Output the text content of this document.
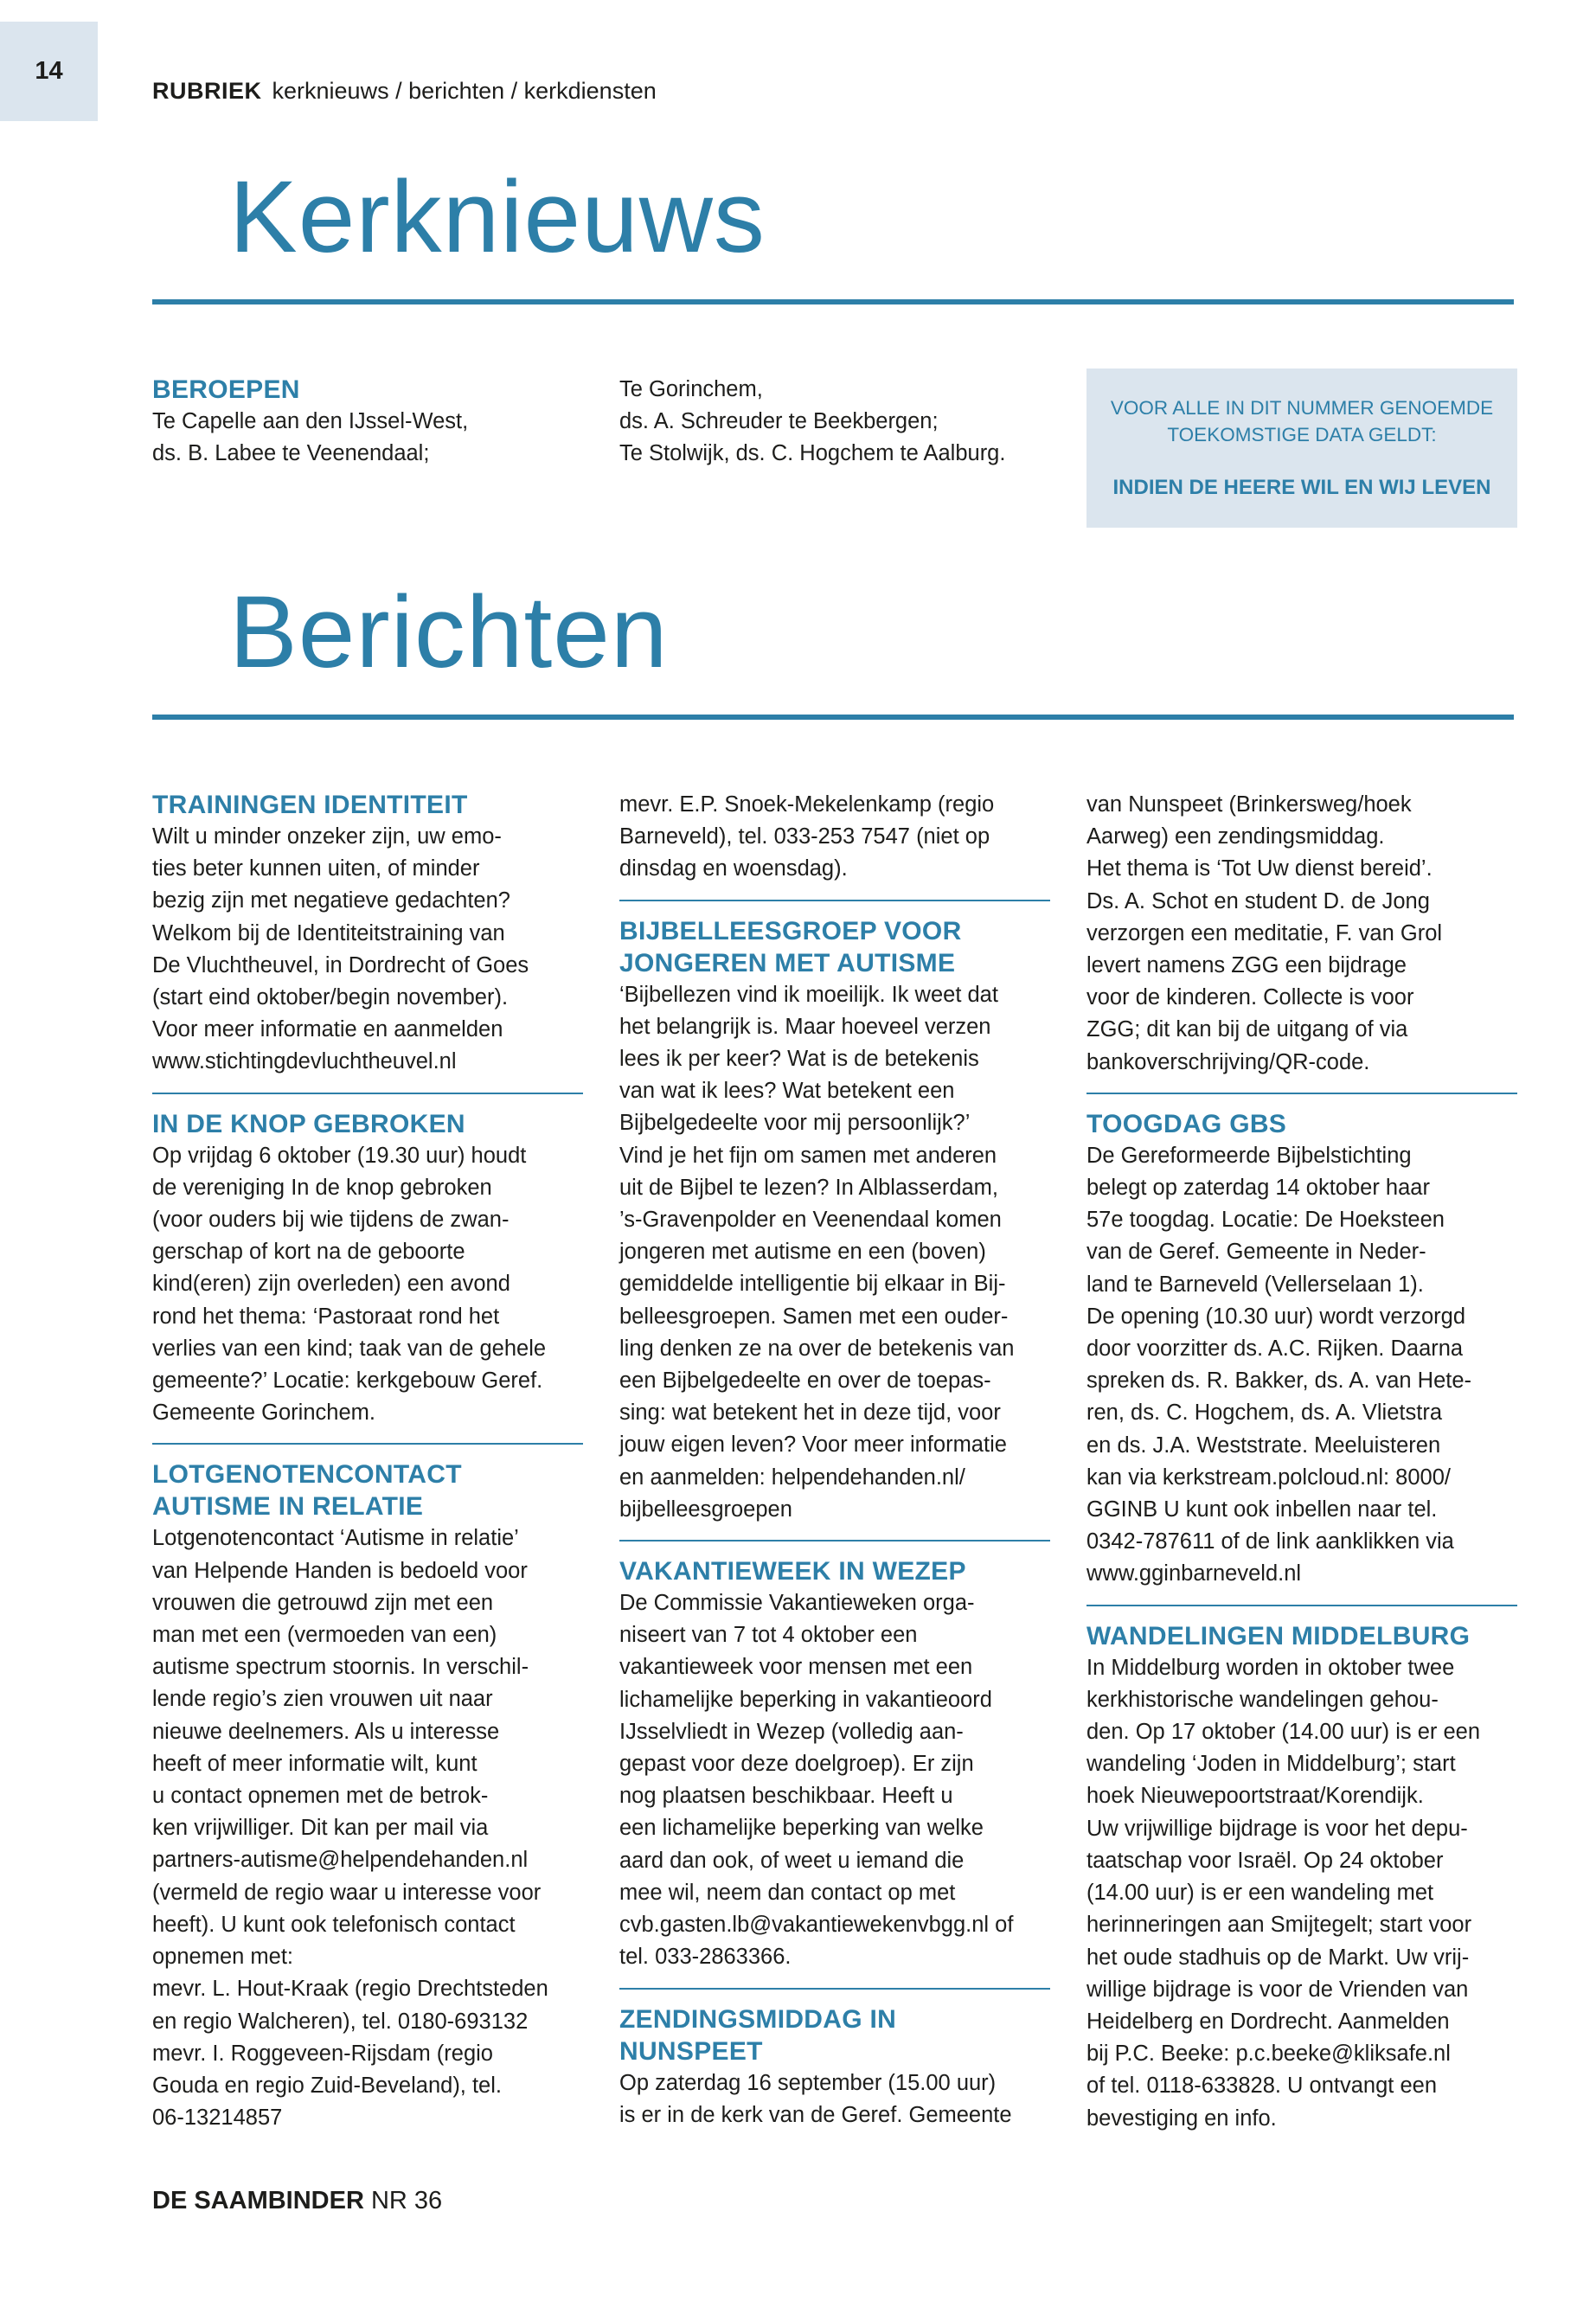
14
RUBRIEK kerknieuws / berichten / kerkdiensten
Kerknieuws
BEROEPEN

Te Capelle aan den IJssel-West,
ds. B. Labee te Veenendaal;

Te Gorinchem,
ds. A. Schreuder te Beekbergen;
Te Stolwijk, ds. C. Hogchem te Aalburg.

VOOR ALLE IN DIT NUMMER GENOEMDE
TOEKOMSTIGE DATA GELDT:
INDIEN DE HEERE WIL EN WIJ LEVEN
Berichten
TRAININGEN IDENTITEIT

Wilt u minder onzeker zijn, uw emo-
ties beter kunnen uiten, of minder
bezig zijn met negatieve gedachten?
Welkom bij de Identiteitstraining van
De Vluchtheuvel, in Dordrecht of Goes
(start eind oktober/begin november).
Voor meer informatie en aanmelden
www.stichtingdevluchtheuvel.nl

IN DE KNOP GEBROKEN

Op vrijdag 6 oktober (19.30 uur) houdt
de vereniging In de knop gebroken
(voor ouders bij wie tijdens de zwan-
gerschap of kort na de geboorte
kind(eren) zijn overleden) een avond
rond het thema: ‘Pastoraat rond het
verlies van een kind; taak van de gehele
gemeente?’ Locatie: kerkgebouw Geref.
Gemeente Gorinchem.

LOTGENOTENCONTACT
AUTISME IN RELATIE

Lotgenotencontact ‘Autisme in relatie’
van Helpende Handen is bedoeld voor
vrouwen die getrouwd zijn met een
man met een (vermoeden van een)
autisme spectrum stoornis. In verschil-
lende regio’s zien vrouwen uit naar
nieuwe deelnemers. Als u interesse
heeft of meer informatie wilt, kunt
u contact opnemen met de betrok-
ken vrijwilliger. Dit kan per mail via
partners-autisme@helpendehanden.nl
(vermeld de regio waar u interesse voor
heeft). U kunt ook telefonisch contact
opnemen met:
mevr. L. Hout-Kraak (regio Drechtsteden
en regio Walcheren), tel. 0180-693132
mevr. I. Roggeveen-Rijsdam (regio
Gouda en regio Zuid-Beveland), tel.
06-13214857

mevr. E.P. Snoek-Mekelenkamp (regio
Barneveld), tel. 033-253 7547 (niet op
dinsdag en woensdag).

BIJBELLEESGROEP VOOR
JONGEREN MET AUTISME

‘Bijbellezen vind ik moeilijk. Ik weet dat
het belangrijk is. Maar hoeveel verzen
lees ik per keer? Wat is de betekenis
van wat ik lees? Wat betekent een
Bijbelgedeelte voor mij persoonlijk?’
Vind je het fijn om samen met anderen
uit de Bijbel te lezen? In Alblasserdam,
’s-Gravenpolder en Veenendaal komen
jongeren met autisme en een (boven)
gemiddelde intelligentie bij elkaar in Bij-
belleesgroepen. Samen met een ouder-
ling denken ze na over de betekenis van
een Bijbelgedeelte en over de toepas-
sing: wat betekent het in deze tijd, voor
jouw eigen leven? Voor meer informatie
en aanmelden: helpendehanden.nl/
bijbelleesgroepen

VAKANTIEWEEK IN WEZEP

De Commissie Vakantieweken orga-
niseert van 7 tot 4 oktober een
vakantieweek voor mensen met een
lichamelijke beperking in vakantieoord
IJsselvliedt in Wezep (volledig aan-
gepast voor deze doelgroep). Er zijn
nog plaatsen beschikbaar. Heeft u
een lichamelijke beperking van welke
aard dan ook, of weet u iemand die
mee wil, neem dan contact op met
cvb.gasten.lb@vakantiewekenvbgg.nl of
tel. 033-2863366.

ZENDINGSMIDDAG IN
NUNSPEET

Op zaterdag 16 september (15.00 uur)
is er in de kerk van de Geref. Gemeente

van Nunspeet (Brinkersweg/hoek
Aarweg) een zendingsmiddag.
Het thema is ‘Tot Uw dienst bereid’.
Ds. A. Schot en student D. de Jong
verzorgen een meditatie, F. van Grol
levert namens ZGG een bijdrage
voor de kinderen. Collecte is voor
ZGG; dit kan bij de uitgang of via
bankoverschrijving/QR-code.

TOOGDAG GBS

De Gereformeerde Bijbelstichting
belegt op zaterdag 14 oktober haar
57e toogdag. Locatie: De Hoeksteen
van de Geref. Gemeente in Neder-
land te Barneveld (Vellerselaan 1).
De opening (10.30 uur) wordt verzorgd
door voorzitter ds. A.C. Rijken. Daarna
spreken ds. R. Bakker, ds. A. van Hete-
ren, ds. C. Hogchem, ds. A. Vlietstra
en ds. J.A. Weststrate. Meeluisteren
kan via kerkstream.polcloud.nl: 8000/
GGINB U kunt ook inbellen naar tel.
0342-787611 of de link aanklikken via
www.gginbarneveld.nl

WANDELINGEN MIDDELBURG

In Middelburg worden in oktober twee
kerkhistorische wandelingen gehou-
den. Op 17 oktober (14.00 uur) is er een
wandeling ‘Joden in Middelburg’; start
hoek Nieuwepoortstraat/Korendijk.
Uw vrijwillige bijdrage is voor het depu-
taatschap voor Israël. Op 24 oktober
(14.00 uur) is er een wandeling met
herinneringen aan Smijtegelt; start voor
het oude stadhuis op de Markt. Uw vrij-
willige bijdrage is voor de Vrienden van
Heidelberg en Dordrecht. Aanmelden
bij P.C. Beeke: p.c.beeke@kliksafe.nl
of tel. 0118-633828. U ontvangt een
bevestiging en info.

DE SAAMBINDER NR 36
